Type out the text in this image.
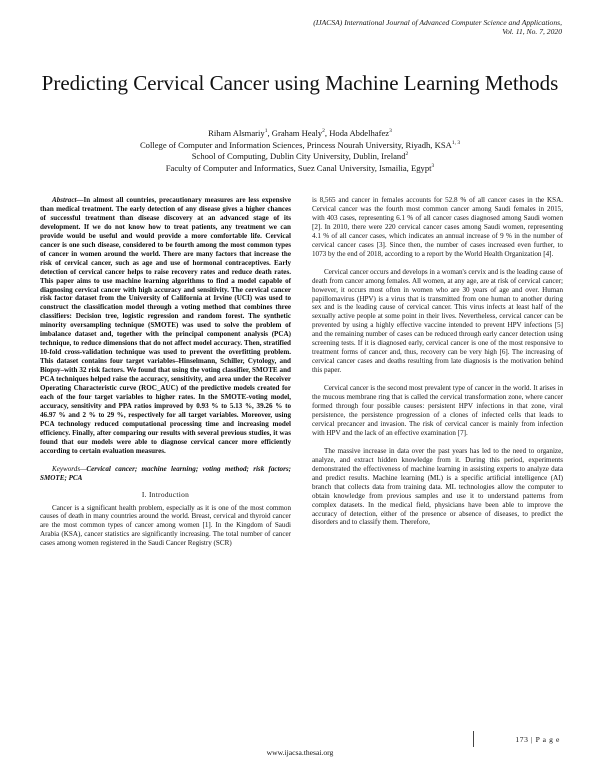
(IJACSA) International Journal of Advanced Computer Science and Applications,
Vol. 11, No. 7, 2020
Predicting Cervical Cancer using Machine Learning Methods
Riham Alsmariy$^1$, Graham Healy$^2$, Hoda Abdelhafez$^3$
College of Computer and Information Sciences, Princess Nourah University, Riyadh, KSA$^{1, 3}$
School of Computing, Dublin City University, Dublin, Ireland$^2$
Faculty of Computer and Informatics, Suez Canal University, Ismailia, Egypt$^3$

Abstract—In almost all countries, precautionary measures are less expensive than medical treatment. The early detection of any disease gives a higher chances of successful treatment than disease discovery at an advanced stage of its development. If we do not know how to treat patients, any treatment we can provide would be useful and would provide a more comfortable life. Cervical cancer is one such disease, considered to be fourth among the most common types of cancer in women around the world. There are many factors that increase the risk of cervical cancer, such as age and use of hormonal contraceptives. Early detection of cervical cancer helps to raise recovery rates and reduce death rates. This paper aims to use machine learning algorithms to find a model capable of diagnosing cervical cancer with high accuracy and sensitivity. The cervical cancer risk factor dataset from the University of California at Irvine (UCI) was used to construct the classification model through a voting method that combines three classifiers: Decision tree, logistic regression and random forest. The synthetic minority oversampling technique (SMOTE) was used to solve the problem of imbalance dataset and, together with the principal component analysis (PCA) technique, to reduce dimensions that do not affect model accuracy. Then, stratified 10-fold cross-validation technique was used to prevent the overfitting problem. This dataset contains four target variables–Hinselmann, Schiller, Cytology, and Biopsy–with 32 risk factors. We found that using the voting classifier, SMOTE and PCA techniques helped raise the accuracy, sensitivity, and area under the Receiver Operating Characteristic curve (ROC_AUC) of the predictive models created for each of the four target variables to higher rates. In the SMOTE-voting model, accuracy, sensitivity and PPA ratios improved by 0.93 % to 5.13 %, 39.26 % to 46.97 % and 2 % to 29 %, respectively for all target variables. Moreover, using PCA technology reduced computational processing time and increasing model efficiency. Finally, after comparing our results with several previous studies, it was found that our models were able to diagnose cervical cancer more efficiently according to certain evaluation measures.

Keywords—Cervical cancer; machine learning; voting method; risk factors; SMOTE; PCA

I. Introduction

Cancer is a significant health problem, especially as it is one of the most common causes of death in many countries around the world. Breast, cervical and thyroid cancer are the most common types of cancer among women [1]. In the Kingdom of Saudi Arabia (KSA), cancer statistics are significantly increasing. The total number of cancer cases among women registered in the Saudi Cancer Registry (SCR)

is 8,565 and cancer in females accounts for 52.8 % of all cancer cases in the KSA. Cervical cancer was the fourth most common cancer among Saudi females in 2015, with 403 cases, representing 6.1 % of all cancer cases diagnosed among Saudi women [2]. In 2010, there were 220 cervical cancer cases among Saudi women, representing 4.1 % of all cancer cases, which indicates an annual increase of 9 % in the number of cervical cancer cases [3]. Since then, the number of cases increased even further, to 1073 by the end of 2018, according to a report by the World Health Organization [4].

Cervical cancer occurs and develops in a woman's cervix and is the leading cause of death from cancer among females. All women, at any age, are at risk of cervical cancer; however, it occurs most often in women who are 30 years of age and over. Human papillomavirus (HPV) is a virus that is transmitted from one human to another during sex and is the leading cause of cervical cancer. This virus infects at least half of the sexually active people at some point in their lives. Nevertheless, cervical cancer can be prevented by using a highly effective vaccine intended to prevent HPV infections [5] and the remaining number of cases can be reduced through early cancer detection using screening tests. If it is diagnosed early, cervical cancer is one of the most responsive to treatment forms of cancer and, thus, recovery can be very high [6]. The increasing of cervical cancer cases and deaths resulting from late diagnosis is the motivation behind this paper.

Cervical cancer is the second most prevalent type of cancer in the world. It arises in the mucous membrane ring that is called the cervical transformation zone, where cancer formed through four possible causes: persistent HPV infections in that zone, viral persistence, the persistence progression of a clones of infected cells that leads to cervical precancer and invasion. The risk of cervical cancer is mainly from infection with HPV and the lack of an effective examination [7].

The massive increase in data over the past years has led to the need to organize, analyze, and extract hidden knowledge from it. During this period, experiments demonstrated the effectiveness of machine learning in assisting experts to analyze data and predict results. Machine learning (ML) is a specific artificial intelligence (AI) branch that collects data from training data. ML technologies allow the computer to obtain knowledge from previous samples and use it to understand patterns from complex datasets. In the medical field, physicians have been able to improve the accuracy of detection, either of the presence or absence of diseases, to predict the disorders and to classify them. Therefore,

173 | P a g e
www.ijacsa.thesai.org
